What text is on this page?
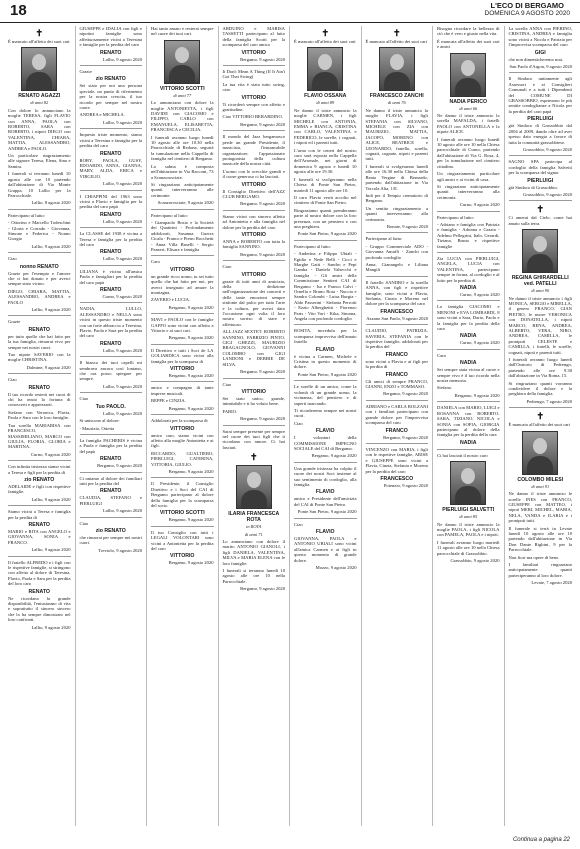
18	L'ECO DI BERGAMO
DOMENICA 9 AGOSTO 2020
✝
È mancato all'affetto dei suoi cari
RENATO AGAZZI
di anni 82
Con dolore lo annunciano la moglie TERESA, figli FLAVIO con ANNA, PAOLA con ROBERTO, SARA con ROBERTO, i nipoti DIEGO con VALENTINA, CHIARA, MATTIA, ALESSANDRO, ANDREA e PAOLO.
Un particolare ringraziamento alle signore Teresa, Elena, Sina e Samira.
I funerali si terranno lunedì 10 agosto alle ore 10 partendo dall'abitazione di Via Monte Grappa, 10 Lallio per la Parrocchiale.
Lallio, 8 agosto 2020
Partecipano al lutto:
- Ottorino e Marcello Todeschini - Gloria e Corrado - Giovanna, Simone e Federica - Nonno Giorgio
Lallio, 9 agosto 2020
Ciao
nonno RENATO
Grazie per l'esempio e l'amore che ci hai donato e per averci sempre stato vicino.
DIEGO, CHIARA, MATTIA, ALESSANDRO, ANDREA e PAOLO
Lallio, 9 agosto 2020
Grazie
RENATO
per tutto quello che hai fatto per la tua famiglia, rimarrai vivo per sempre nei nostri cuori.
Tuo nipote SAVERIO con la moglie CHRISTINA.
Dalmine, 9 agosto 2020
Ciao
RENATO
Il tuo ricordo resterà nei cuori di chi ha avuto la fortuna di conoscerti e apprezzarti.
Stefano con Veronica, Flavia, Paola e Sara con le loro famiglie.
Tua sorella MARIARISA con FRANCESCO, MASSIMILIANO, MARCO con GIULIA, FLORIA, GLORIA e MARTINA.
Curno, 9 agosto 2020
Con infinita tristezza siamo vicini a Teresa e figli per la perdita di
zio RENATO
ADELAIDE e figli con rispettive famiglie.
Lallio, 9 agosto 2020
Siamo vicini a Teresa e famiglia per la perdita di
RENATO
MARIO e RITA con ANGELO e GIOVANNA, SONIA e FRANCO.
Lallio, 9 agosto 2020
Il fratello ALFREDO e i figli con le rispettive famiglie, si stringono con affetto al dolore di Teresina, Flavio, Paola e Sara per la perdita del loro caro
RENATO
Ne ricordano la grande disponibilità, l'entusiasmo di vita e soprattutto il sincero sincero che lo ha sempre dimostrato nel loro confronti.
Lallio, 9 agosto 2020
GIUSEPPE e IDALIA con figli e nipotini famiglie sono affettuosamente vicini a Teresina e famiglie per la perdita del caro
RENATO
Lallio, 9 agosto 2020
Grazie
zio RENATO
Sei stato per noi una persona speciale, un punto di riferimento per la nostra crescita, il tuo ricordo per sempre nel nostro cuore.
ANDREA e MICHELA.
Lallio, 9 agosto 2020
Inquesto triste momento, siamo vicini a Teresina e famiglia per la perdita del caro
RENATO
ROBY, PAOLA, GUSY, EDOARDO, ANNA, GIANNA, MARY, ALDA, ERICA e VIRGILIO.
Lallio, 9 agosto 2020
I CHIAPPINI del 1963 sono vicini a Flavio e famiglia per la perdita del caro papà
RENATO
Lallio, 9 agosto 2020
La CLASSE del 1938 è vicina a Teresa e famiglia per la perdita del caro
RENATO
Lallio, 9 agosto 2020
LILIANA è vicina all'amica Paola e famigliari per la perdita del caro papà
RENATO
Curno, 9 agosto 2020
NADIA, LULLO, ALESSANDRO e NELLA sono vicini in questo triste momento con un forte abbraccio a Teresina, Flavio, Paola e Sara per la perdita del caro
RENATO
Lallio, 9 agosto 2020
Il bianco dei tuoi capelli mi sembrava ancora così lontano, che ora posso spiegare per sempre.
Lallio, 9 agosto 2020
Ciao
Tuo PAOLO.
Lallio, 9 agosto 2020
Si uniscono al dolore:
- Maurizio, Orietta
La famiglia PACHERIS è vicina a Paola e famiglia per la perdita del papà
RENATO
Bergamo, 9 agosto 2020
Ci uniamo al dolore dei familiari tutti per la perdita del
RENATO
CLAUDIA, STEFANO e PIERLUIGI
Lallio, 9 agosto 2020
Ciao
zio RENATO
che rimarrai per sempre nei nostri cuori.
Treviolo, 9 agosto 2020
Hai tanto amato e resterai sempre nel cuore dei tuoi cari.
VITTORIO SCOTTI
di anni 77
Lo annunciano con dolore la moglie ANTONIETTA, i figli DAVIDE con GIACOMO e FILIPPO, CARLO con EMANUELA, ELISABETTA, FRANCESCA e CECILIA.
I funerali avranno luogo lunedì 10 agosto alle ore 10.30 nella Parrocchiale di Redona, seguirà la tumulazione nella Cappella di famiglia nel cimitero di Bergamo.
La salma è composta nell'abitazione in Via Racconi, 73 a Scanzorosciate.
Si ringraziano anticipatamente quanti interverranno alle cerimonie.
Scanzorosciate, 9 agosto 2020
Partecipano al lutto:
- Giampaolo Bosio e la Società dei Quattrini - Profondamente addolorati, Susanna Guerra Cicala - Franco e Pietro Rocchetti - Anna Villa Buselli - Sergio Panseri, Elisara e famiglia
Caro
VITTORIO
un grande ricco uomo, tu sei tutto quello che hai fatto per noi, per averci insegnato ad amare la montagna.
ZAVERIO e LUCIA.
Bergamo, 9 agosto 2020
MAVI e PAOLO con le famiglie GAFFO sono vicini con affetto a Vittorio e ai suoi cari.
Bergamo, 9 agosto 2020
Il Direttivo e tutti i Soci de LA GOLIARDICA sono vicini alla famiglia per la scomparsa di
VITTORIO
Bergamo, 9 agosto 2020
amico e compagno di tante imprese musicali.
BEPPE e CINZIA.
Bergamo, 9 agosto 2020
Addolorati per la scomparsa di
VITTORIO
amico caro, siamo vicini con affetto alla moglie Antonietta e ai figli.
RICCARDO, GUALTIERO, PIERLUIGI, CATERINA, VITTORIA, GIULIO.
Bergamo, 9 agosto 2020
Il Presidente, il Consiglio Direttivo e i Soci del CAI di Bergamo partecipano al dolore della famiglia per la scomparsa del socio
VITTORIO SCOTTI
Bergamo, 9 agosto 2020
Il tuo Consiglio con tutti i LEGALI VOLONTARI sono vicini a Antonietta per la perdita del caro
VITTORIO
Bergamo, 9 agosto 2020
ARDUINO e MARISA TASSETTI partecipano al lutto della famiglia Scotti per la scomparsa del caro amico
VITTORIO
Bergamo, 9 agosto 2020
It Don't Mean A Thing (If It Ain't Got That Swing)
La tua vita è stata tutto swing, caro
VITTORIO
Ti ricorderò sempre con affetto e gratitudine.
Ciao VITTORIO BERARDINO.
Bergamo, 9 agosto 2020
Il mondo del Jazz bergamasco perde un grande Presidente, il musicista, l'instancabile organizzatore, l'appassionato protagonista della cultura musicale della nostra città.
L'uomo con le orecchie grandi e il cuore generoso ci ha lasciati.
VITTORIO
Il Consiglio Direttivo dell'AZZ CLUB BERGAMO.
Bergamo, 9 agosto 2020
Siamo vicini con sincero affetto ad Antonietta e alla famiglia nel dolore per la perdita del caro
VITTORIO
ANNA e ROBERTO con tutta la famiglia SANNINO.
Bergamo, 9 agosto 2020
Caro
VITTORIO
grazie di tutti anni di amicizia, della dedizione nell'organizzazione dei concerti e delle tante emozioni sempre sinfonie dal palco per tutto l'arte e la cultura, per averci dato l'occasione ogni volta il loro nostro sorriso di stare e affettuoso.
ALL JAZZ SEXTET: ROBERTO SANNINO, FABRIZIO PINTO, GIGI GHEZZI, MAURIZIO BRAGAGNOLO, GIOVANNI COLOMBO con GIGI LANDONI e DEBBIE DE SILVA.
Bergamo, 9 agosto 2020
Ciao
VITTORIO
Sei stato unico, grande, inimitabile e ti ho voluto bene.
FABIO.
Bergamo, 9 agosto 2020
Sarai sempre presente per sempre nel cuore dei tuoi figli che ti ricordano con amore. Ci hai lasciati.
✝
ILARIA FRANCESCA ROTA
in ROTA
di anni 71
Lo annunciano con dolore il marito ANTONIO GIANOLI, i figli DANIELA, VALENTINA, MILVA e MARIA ELENA con le loro famiglie.
I funerali si terranno lunedì 10 agosto alle ore 10 nella Parrocchiale.
Bergamo, 9 agosto 2020
✝
È mancato all'affetto dei suoi cari
FLAVIO OSSANA
di anni 89
Ne danno il triste annuncio la moglie CARMEN, i figli MICHELE con ANTONIA, EMMA e BIANCA, CRISTINA con CARLO, VALENTINA e FEDERICO, le sorelle, i cognati, i nipoti ed i parenti tutti.
L'urna con le ceneri del nostro caro sarà esposta nella Cappella dell'Arsenale, nei giorni di domenica 9 agosto e lunedì 10 agosto alle ore 19.30.
I funerali si svolgeranno nella Chiesa di Ponte San Pietro, martedì 11 agosto alle ore 10.
Il caro Flavio verrà accolto nel cimitero di Ponte San Pietro.
Ringraziamo quanti prenderanno parte al nostro dolore con la loro presenza, con un pensiero e con una preghiera.
Ponte San Pietro, 9 agosto 2020
Partecipano al lutto:
- Anderina e Filippo Ubiali - Egidio e Nede Belli - Cicci e Marghe Gatti - Sandro e Pepi Gamba - Daniela Valsecchi e famiglia - Gli amici della Commissione Sentieri CAI di Bergamo - Isa e Franco Calvi - Ornella e Bruno Rota - Nuccia e Sandro Colombi - Luisa Burgia - Aldo Passerini - Stefania Perrotti - Ezzio Albergheitti - Fiorenzo Paris - Vito Vari - Kika, Simona, Angela con profondo cordoglio
ROSITA, incredula per la scomparsa improvvisa dell'amato fratello
FLAVIO
è vicina a Carmen, Michele e Cristina in questo momento di dolore.
Ponte San Pietro, 9 agosto 2020
Le sorelle di un amico, come la volontà di un grande uomo, la vicinanza, del pensiero e di saperti inarcando.
Ti ricorderemo sempre nei nostri cuori.
Ciao
FLAVIO
I volontari della COMMISSIONE IMPEGNO SOCIALE del CAI di Bergamo.
Bergamo, 9 agosto 2020
Una grande tristezza ha colpito il cuore dei nostri Soci insieme al suo sentimento di cordoglio, alla famiglia.
FLAVIO
amico e Presidente dell'amicizia del CAI di Ponte San Pietro.
Ponte San Pietro, 9 agosto 2020
Ciao
FLAVIO
GIOVANNA, PAOLA e ANTONIO UBIALI sono vicini all'amica Carmen e ai figli in questo momento di grande dolore.
Mozzo, 9 agosto 2020
✝
È mancato all'affetto dei suoi cari
FRANCESCO ZANCHI
di anni 76
Ne danno il triste annuncio la moglie FLAVIA, i figli STEFANIA con SILVANO, MICHELE con ZIA con MAURIZIO, MATTIA, JACOPO, MORENO con ALICE, BEATRICE e LEONARDO, fratello, sorella, cognati, cognate, nipoti e parenti tutti.
I funerali si svolgeranno lunedì alle ore 16.30 nella Chiesa della Beata Vergine di Bernardo, partendo dall'abitazione in Via Torcola Alta, 1/E.
Indi per il Tempio crematorio di Bergamo.
Un sentito ringraziamento a quanti interverranno alla cerimonia.
Bonate, 9 agosto 2020
Partecipano al lutto:
- Gruppo Commerciale ADO - Giovanna Amuffi - Zanchi con profondo cordoglio
Anna, Gianangelo e Liliana Mangili
Il fratello SANDRO e la sorella ANNA, con figli e rispettive famiglie, sono vicini a Flavia, Stefania, Cinzia e Moreno nel dolore per la scomparsa del caro
FRANCESCO
Azzano San Paolo, 9 agosto 2020
CLAUDIO, PATRIZIA, SAVERIA, STEFANIA con le rispettive famiglie, addolorati per la perdita del
FRANCO
sono vicini a Flavia e ai figli per la perdita di
FRANCO
Gli amici di sempre FRANCO, GIANNI, ENZO e TOMMASO.
Bergamo, 9 agosto 2020
ADRIANO e CARLA ROLZANI con i familiari partecipano con grande dolore per l'improvvisa scomparsa del caro
FRANCO
Bergamo, 9 agosto 2020
VINCENZO con MARIA, i figli con le rispettive famiglie, ARISE e GIUSEPPE sono vicini a Flavia, Cinzia, Stefania e Moreno per la perdita del caro
FRANCESCO
Potenzio, 9 agosto 2020
Bisogna ricordare la bellezza di ciò che è vero e giusto nella vita.
È mancata all'affetto dei suoi cari e amici
NADIA PERICO
di anni 66
Ne danno il triste annuncio la sorella MAFALDA, i fratelli PAOLO con ANTONELLA e la nipote ALICE.
I funerali avranno luogo lunedì 10 agosto alle ore 10 nella Chiesa parrocchiale di Curno, partendo dall'abitazione di Via G. Rosa, 4, per la tumulazione nel cimitero cittadino.
Un ringraziamento particolare agli amici e ai vicini di casa.
Si ringraziano anticipatamente quanti interverranno alla cerimonia.
Curno, 9 agosto 2020
Partecipano al lutto:
- Adriano e famiglia con Patrizia e famiglia - Adriana e Grazia - Adelmo Pellegrini, Italo, Gerardi, Tiziana, Bruno e rispettive famiglie
Zia LUCIA con PIERLUIGI, ANGELA, LUCIA con VALENTINA, partecipano sempre in forma, al cordoglio e al lutto per la perdita di
NADIA
Curno, 9 agosto 2020
La famiglia GIACOMO e MENONI e EVA LOMBARDI, 8 sono vicini a Sara, Dario, Paolo e la famiglia per la perdita della cara
NADIA
Curno, 9 agosto 2020
Cara
NADIA
Sei sempre stata vicina al cuore e sempre vivo è il tuo ricordo nella nostra memoria.
Stefano.
Bergamo, 9 agosto 2020
DANIELA con MARIO, LUIGI e ROSANNA con ROBERTO, SARA, TIZIANO, NICOLA e SONIA con SOFIA, GIORGIA partecipano al dolore della famiglia per la perdita della cara
NADIA
Ci hai lasciati il nostro caro
PIERLUIGI SALVETTI
di anni 85
Ne danno il triste annuncio la moglie PAOLA, i figli NICOLA con PAMELA, PAOLA e i nipoti.
I funerali avranno luogo martedì 11 agosto alle ore 10 nella Chiesa parrocchiale di Grassobbio.
Grassobbio, 9 agosto 2020
La sorella ANNA con PIERINO, CRISTINA, ANDREA e famiglia sono vicini a Nicola e Patrizia per l'improvvisa scomparsa del caro
GIGI
che non dimenticheremo mai.
San Paolo d'Argon, 9 agosto 2020
Il Sindaco unitamente agli Assessori e ai Consiglieri Comunali e a tutti i Dipendenti del COMUNE DI GRASSOBBIO, esprimono le più sentite condoglianze a Nicola per la perdita del caro papà
PIERLUIGI
già Sindaco di Grassobbio dal 2004 al 2009, dando oltre ad aver spesso dato energia a favore di tutta la comunità grassobbiese.
Grassobbio, 9 agosto 2020
SAGNO SPA partecipa al cordoglio della famiglia Salvetti per la scomparsa del signor
PIERLUIGI
già Sindaco di Grassobbio.
Grassobbio, 9 agosto 2020
✝
Ci amerai dal Cielo, come hai amato sulla terra.
REGINA GHIRARDELLI ved. PATELLI
di anni 90
Ne danno il triste annuncio i figli MONICA, SERGIO e MIRELLA, il genero FRANCO, GIAN PIETRO, le nuore VERONICA con DONATELLA, i nipoti MARCO, RENA, ANDREA, ALBERTO, VERA, NIRO, ANDREA, CAMILLA, le pronipoti CELESTE e CAMILLA, i fratelli, le sorelle, cognati, nipoti e parenti tutti.
I funerali avranno luogo lunedì dall'Oratorio di Pedrengo, partendo alle ore 9.30 dall'abitazione in Via Roma, 15.
Si ringraziano quanti vorranno condividere il dolore e la preghiera della famiglia.
Pedrengo, 7 agosto 2020
✝
È mancato all'affetto dei suoi cari
COLOMBO MILESI
di anni 91
Ne danno il triste annuncio le sorelle INES con FRANCO, GIUSEPPE con MATTEO, i nipoti MERI, MICHEL, MARIA, NELA, VANDA e ILARIA e i pronipoti tutti.
Il funerale si terrà in Levate lunedì 10 agosto alle ore 10 partendo dall'abitazione in Via Don Dante Righini, 9 per la Parrocchiale.
Non fiori ma opere di bene.
I familiari ringraziano anticipatamente quanti parteciperanno al loro dolore.
Levate, 7 agosto 2020
Continua a pagina 22
